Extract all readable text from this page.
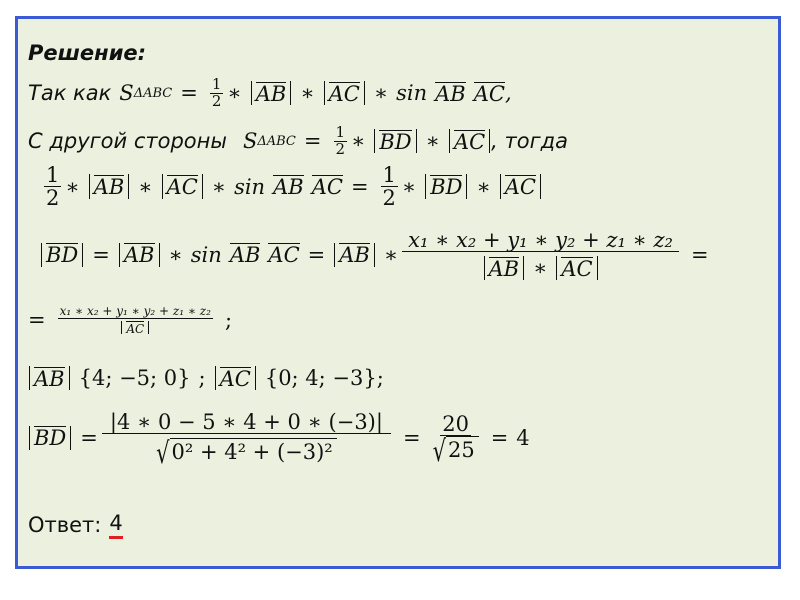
Решение:
Так как S $\Delta ABC = \frac{1}{2}$ ∗ AB ∗ AC ∗ sin AB AC ,
С другой стороны S $\Delta ABC = \frac{1}{2}$ ∗ BD ∗ AC , тогда
$\frac{1}{2}$ ∗ AB ∗ AC ∗ sin AB AC = $\frac{1}{2}$ ∗ BD ∗ AC
BD = AB ∗ sin AB AC = AB ∗ $\frac{\text{x₁ ∗ x₂ + y₁ ∗ y₂ + z₁ ∗ z₂}}{AB ∗ AC}$ =
= $\frac{\text{x₁ ∗ x₂ + y₁ ∗ y₂ + z₁ ∗ z₂}}{AC}$ ;
AB {4; −5; 0} ; AC {0; 4; −3};
BD = $\frac{|4 ∗ 0 - 5 ∗ 4 + 0 ∗ (-3)|}{\text{√ 0² + 4² + (−3)²}} = \frac{20}{√ 25} = 4$
Ответ: 4
